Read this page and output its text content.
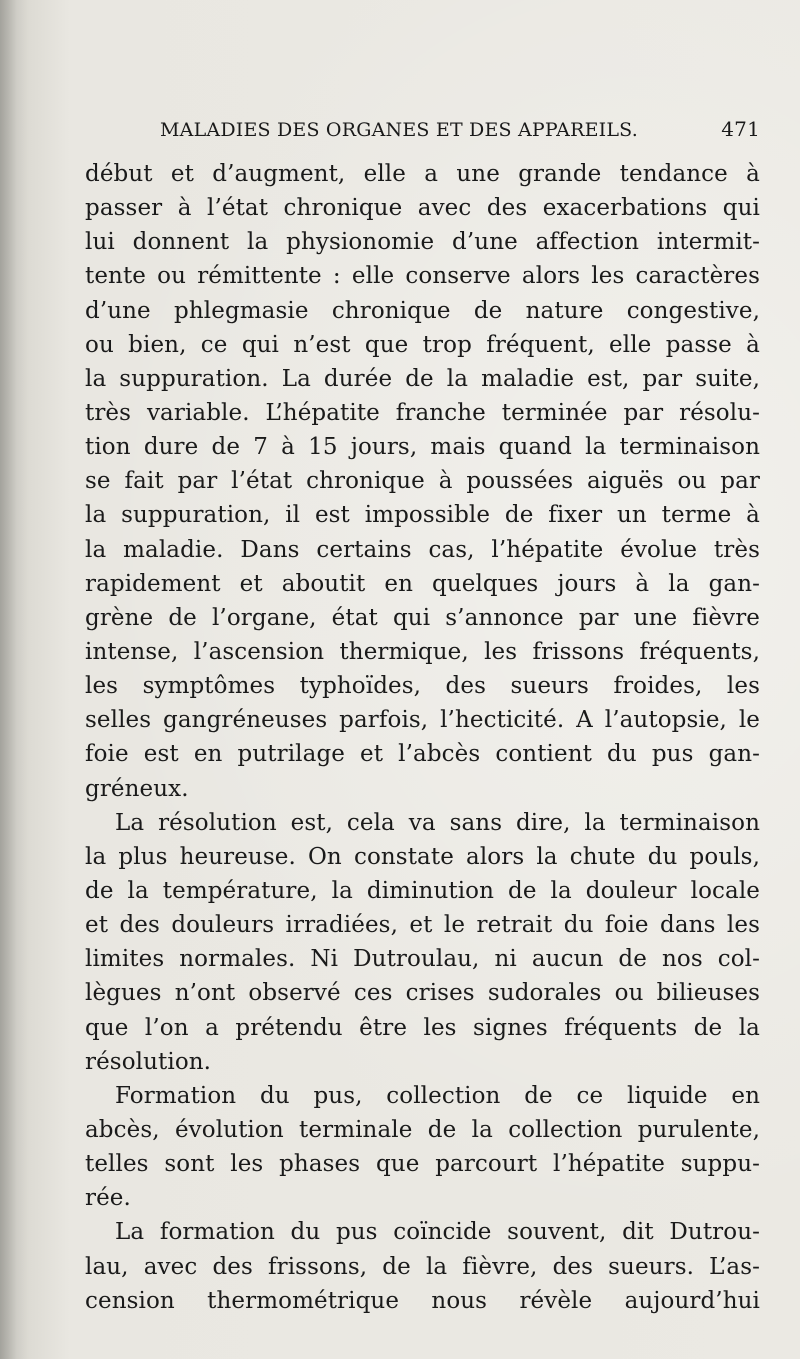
MALADIES DES ORGANES ET DES APPAREILS.	471
début et d’augment, elle a une grande tendance à
passer à l’état chronique avec des exacerbations qui
lui donnent la physionomie d’une affection intermit-
tente ou rémittente : elle conserve alors les caractères
d’une phlegmasie chronique de nature congestive,
ou bien, ce qui n’est que trop fréquent, elle passe à
la suppuration. La durée de la maladie est, par suite,
très variable. L’hépatite franche terminée par résolu-
tion dure de 7 à 15 jours, mais quand la terminaison
se fait par l’état chronique à poussées aiguës ou par
la suppuration, il est impossible de fixer un terme à
la maladie. Dans certains cas, l’hépatite évolue très
rapidement et aboutit en quelques jours à la gan-
grène de l’organe, état qui s’annonce par une fièvre
intense, l’ascension thermique, les frissons fréquents,
les symptômes typhoïdes, des sueurs froides, les
selles gangréneuses parfois, l’hecticité. A l’autopsie, le
foie est en putrilage et l’abcès contient du pus gan-
gréneux.
La résolution est, cela va sans dire, la terminaison
la plus heureuse. On constate alors la chute du pouls,
de la température, la diminution de la douleur locale
et des douleurs irradiées, et le retrait du foie dans les
limites normales. Ni Dutroulau, ni aucun de nos col-
lègues n’ont observé ces crises sudorales ou bilieuses
que l’on a prétendu être les signes fréquents de la
résolution.
Formation du pus, collection de ce liquide en
abcès, évolution terminale de la collection purulente,
telles sont les phases que parcourt l’hépatite suppu-
rée.
La formation du pus coïncide souvent, dit Dutrou-
lau, avec des frissons, de la fièvre, des sueurs. L’as-
cension thermométrique nous révèle aujourd’hui
